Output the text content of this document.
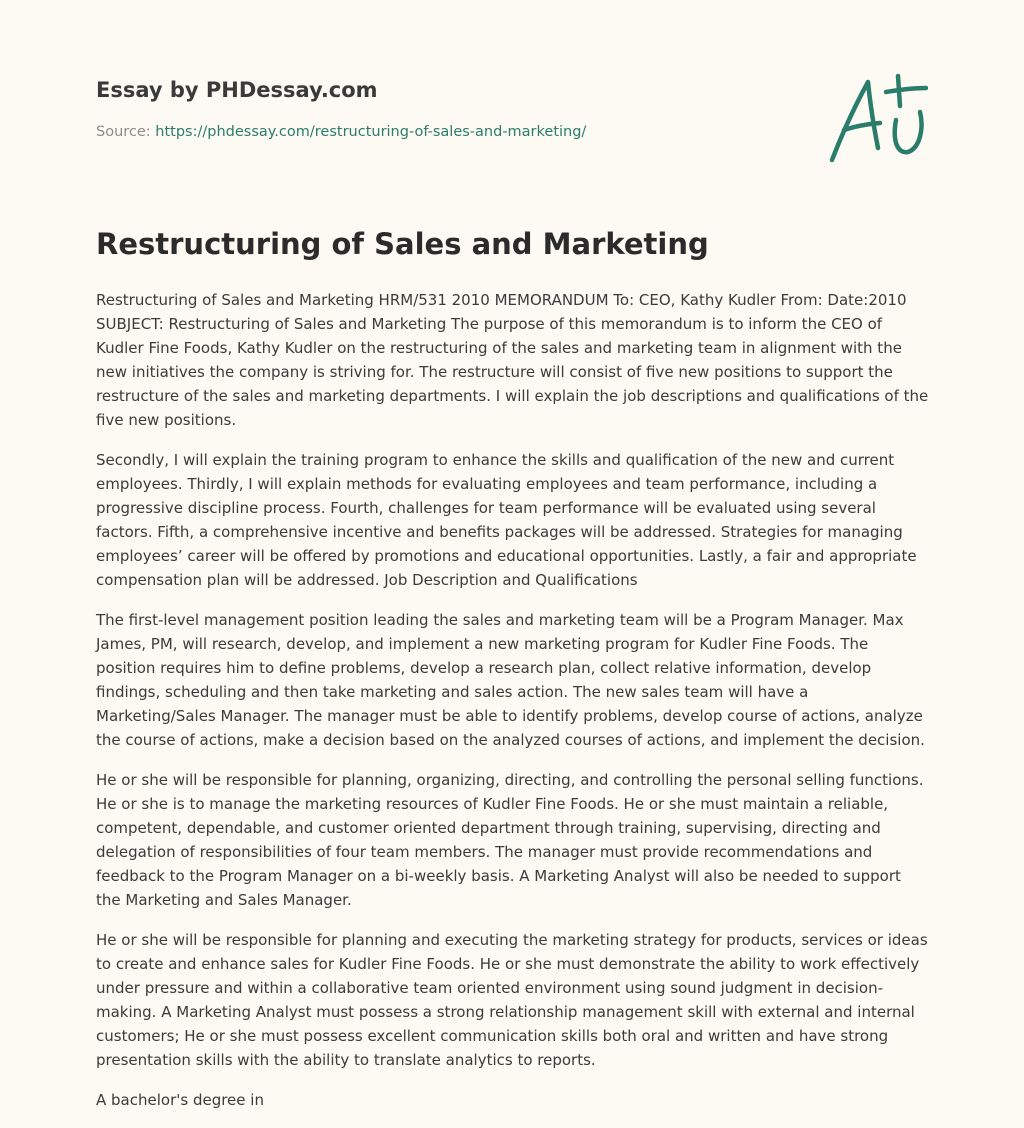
Essay by PHDessay.com
Source: https://phdessay.com/restructuring-of-sales-and-marketing/
Restructuring of Sales and Marketing

Restructuring of Sales and Marketing HRM/531 2010 MEMORANDUM To: CEO, Kathy Kudler From: Date:2010 SUBJECT: Restructuring of Sales and Marketing The purpose of this memorandum is to inform the CEO of Kudler Fine Foods, Kathy Kudler on the restructuring of the sales and marketing team in alignment with the new initiatives the company is striving for. The restructure will consist of five new positions to support the restructure of the sales and marketing departments. I will explain the job descriptions and qualifications of the five new positions.

Secondly, I will explain the training program to enhance the skills and qualification of the new and current employees. Thirdly, I will explain methods for evaluating employees and team performance, including a progressive discipline process. Fourth, challenges for team performance will be evaluated using several factors. Fifth, a comprehensive incentive and benefits packages will be addressed. Strategies for managing employees’ career will be offered by promotions and educational opportunities. Lastly, a fair and appropriate compensation plan will be addressed. Job Description and Qualifications

The first-level management position leading the sales and marketing team will be a Program Manager. Max James, PM, will research, develop, and implement a new marketing program for Kudler Fine Foods. The position requires him to define problems, develop a research plan, collect relative information, develop findings, scheduling and then take marketing and sales action. The new sales team will have a Marketing/Sales Manager. The manager must be able to identify problems, develop course of actions, analyze the course of actions, make a decision based on the analyzed courses of actions, and implement the decision.

He or she will be responsible for planning, organizing, directing, and controlling the personal selling functions. He or she is to manage the marketing resources of Kudler Fine Foods. He or she must maintain a reliable, competent, dependable, and customer oriented department through training, supervising, directing and delegation of responsibilities of four team members. The manager must provide recommendations and feedback to the Program Manager on a bi-weekly basis. A Marketing Analyst will also be needed to support the Marketing and Sales Manager.

He or she will be responsible for planning and executing the marketing strategy for products, services or ideas to create and enhance sales for Kudler Fine Foods. He or she must demonstrate the ability to work effectively under pressure and within a collaborative team oriented environment using sound judgment in decision-making. A Marketing Analyst must possess a strong relationship management skill with external and internal customers; He or she must possess excellent communication skills both oral and written and have strong presentation skills with the ability to translate analytics to reports.

A bachelor's degree in
